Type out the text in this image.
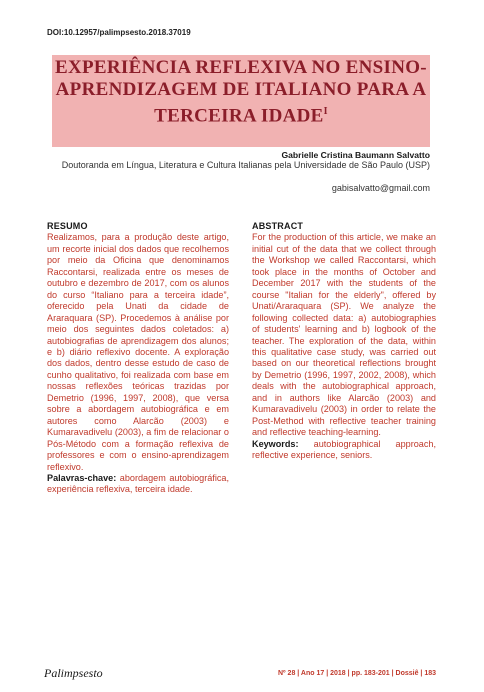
DOI:10.12957/palimpsesto.2018.37019
EXPERIÊNCIA REFLEXIVA NO ENSINO-
APRENDIZAGEM DE ITALIANO PARA A
TERCEIRA $IDADE^I$
Gabrielle Cristina Baumann Salvatto
Doutoranda em Língua, Literatura e Cultura Italianas pela Universidade de São Paulo (USP)
gabisalvatto@gmail.com
RESUMO

Realizamos, para a produção deste artigo, um recorte inicial dos dados que recolhemos por meio da Oficina que denominamos Raccontarsi, realizada entre os meses de outubro e dezembro de 2017, com os alunos do curso “Italiano para a terceira idade”, oferecido pela Unati da cidade de Araraquara (SP). Procedemos à análise por meio dos seguintes dados coletados: a) autobiografias de aprendizagem dos alunos; e b) diário reflexivo docente. A exploração dos dados, dentro desse estudo de caso de cunho qualitativo, foi realizada com base em nossas reflexões teóricas trazidas por Demetrio (1996, 1997, 2008), que versa sobre a abordagem autobiográfica e em autores como Alarcão (2003) e Kumaravadivelu (2003), a fim de relacionar o Pós-Método com a formação reflexiva de professores e com o ensino-aprendizagem reflexivo.

Palavras-chave: abordagem autobiográfica, experiência reflexiva, terceira idade.

ABSTRACT

For the production of this article, we make an initial cut of the data that we collect through the Workshop we called Raccontarsi, which took place in the months of October and December 2017 with the students of the course "Italian for the elderly", offered by Unati/Araraquara (SP). We analyze the following collected data: a) autobiographies of students' learning and b) logbook of the teacher. The exploration of the data, within this qualitative case study, was carried out based on our theoretical reflections brought by Demetrio (1996, 1997, 2002, 2008), which deals with the autobiographical approach, and in authors like Alarcão (2003) and Kumaravadivelu (2003) in order to relate the Post-Method with reflective teacher training and reflective teaching-learning.

Keywords: autobiographical approach, reflective experience, seniors.

Palimpsesto	Nº 28 | Ano 17 | 2018 | pp. 183-201 | Dossiê | 183
